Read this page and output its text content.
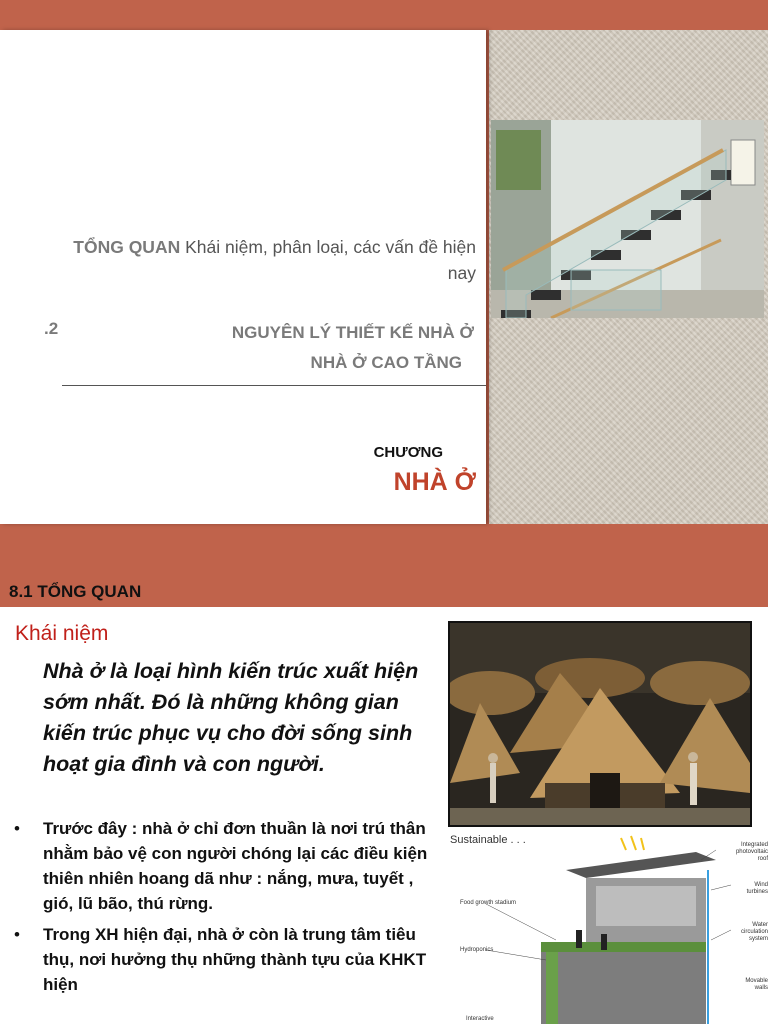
TỔNG QUAN Khái niệm, phân loại, các vấn đề hiện nay
.2	NGUYÊN LÝ THIẾT KẾ NHÀ Ở
NHÀ Ở CAO TẦNG
CHƯƠNG
NHÀ Ở
8.1 TỔNG QUAN
Khái niệm
Nhà ở là loại hình kiến trúc xuất hiện sớm nhất. Đó là những không gian kiến trúc phục vụ cho đời sống sinh hoạt gia đình và con người.
• Trước đây : nhà ở chỉ đơn thuần là nơi trú thân nhằm bảo vệ con người chóng lại các điều kiện thiên nhiên hoang dã như : nắng, mưa, tuyết , gió, lũ bão, thú rừng.
• Trong XH hiện đại, nhà ở còn là trung tâm tiêu thụ, nơi hưởng thụ những thành tựu của KHKT hiện
Sustainable . . .	Integrated photovoltaic roof
Wind turbines
Water circulation system
Food growth stadium
Hydroponics
Movable walls
Interactive
